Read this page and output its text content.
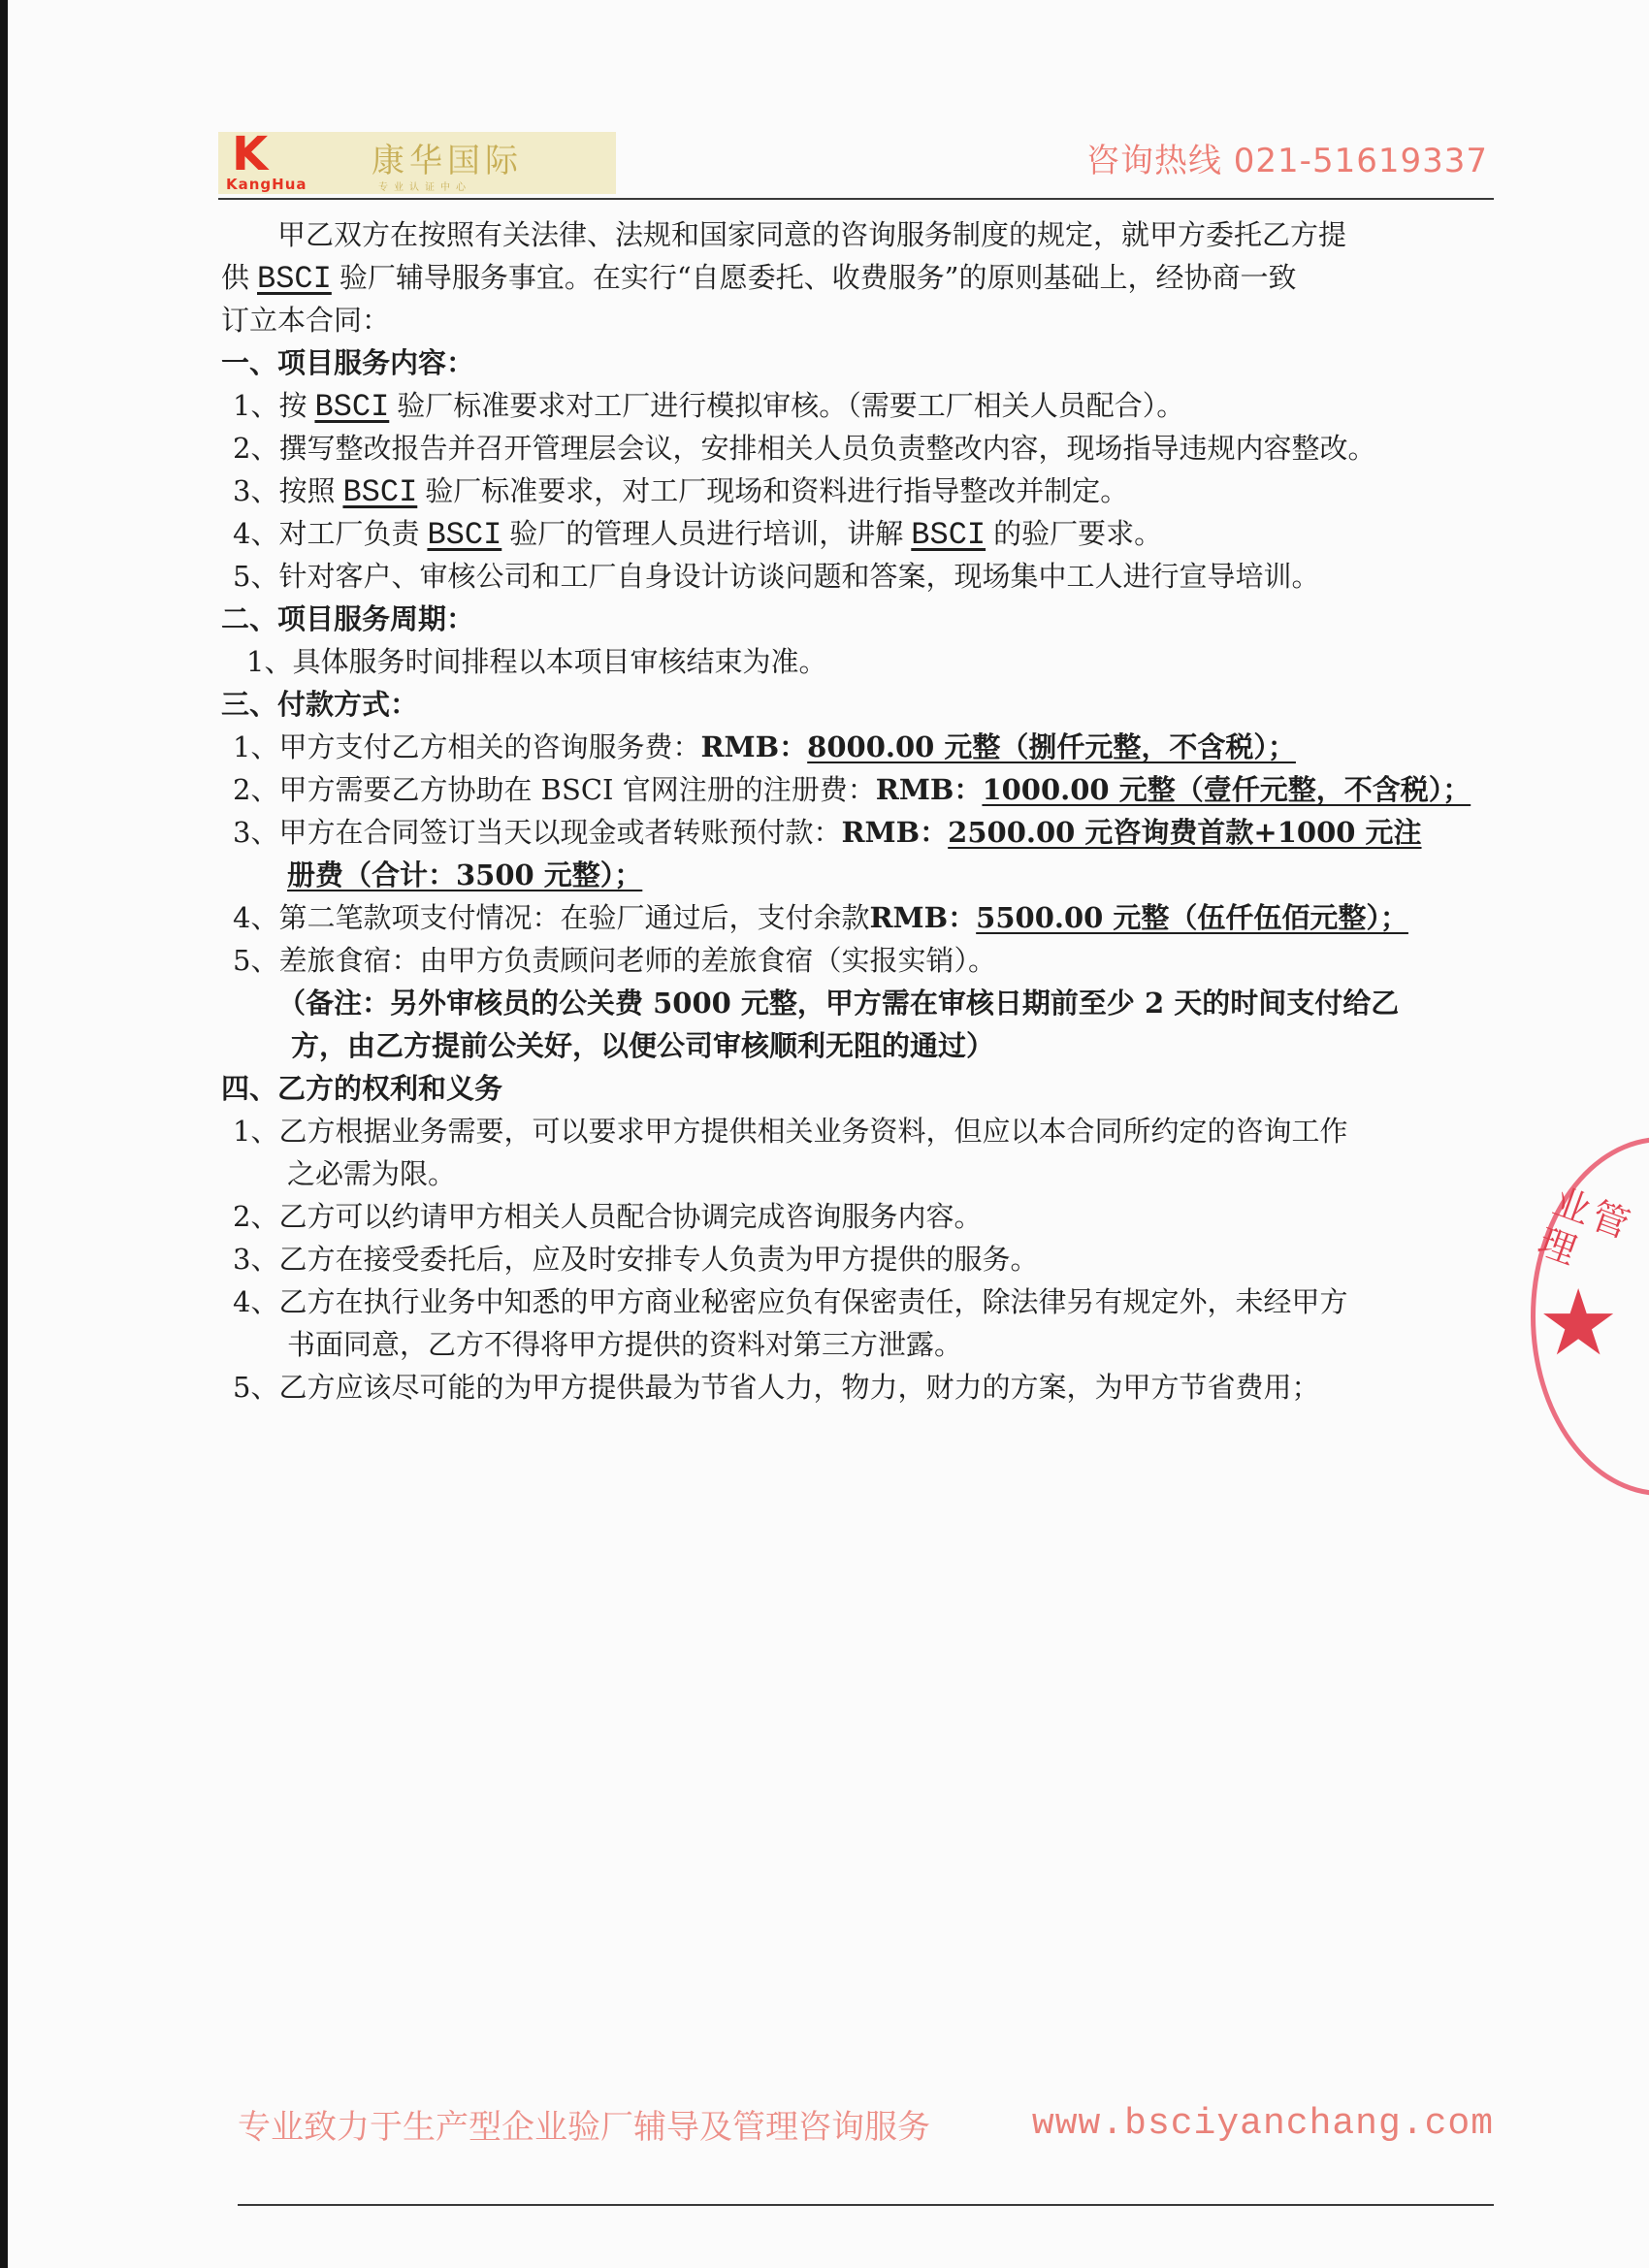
K
KangHua
康华国际
专业认证中心
咨询热线 021-51619337
甲乙双方在按照有关法律、法规和国家同意的咨询服务制度的规定，就甲方委托乙方提
供 BSCI 验厂辅导服务事宜。在实行“自愿委托、收费服务”的原则基础上，经协商一致
订立本合同：
一、项目服务内容：
1、按 BSCI 验厂标准要求对工厂进行模拟审核。（需要工厂相关人员配合）。
2、撰写整改报告并召开管理层会议，安排相关人员负责整改内容，现场指导违规内容整改。
3、按照 BSCI 验厂标准要求，对工厂现场和资料进行指导整改并制定。
4、对工厂负责 BSCI 验厂的管理人员进行培训，讲解 BSCI 的验厂要求。
5、针对客户、审核公司和工厂自身设计访谈问题和答案，现场集中工人进行宣导培训。
二、项目服务周期：
1、具体服务时间排程以本项目审核结束为准。
三、付款方式：
1、甲方支付乙方相关的咨询服务费：RMB：8000.00 元整（捌仟元整，不含税）；
2、甲方需要乙方协助在 BSCI 官网注册的注册费：RMB：1000.00 元整（壹仟元整，不含税）；
3、甲方在合同签订当天以现金或者转账预付款：RMB：2500.00 元咨询费首款+1000 元注
册费（合计：3500 元整）；
4、第二笔款项支付情况：在验厂通过后，支付余款RMB：5500.00 元整（伍仟伍佰元整）；
5、差旅食宿：由甲方负责顾问老师的差旅食宿（实报实销）。
（备注：另外审核员的公关费 5000 元整，甲方需在审核日期前至少 2 天的时间支付给乙
方，由乙方提前公关好，以便公司审核顺利无阻的通过）
四、乙方的权利和义务
1、乙方根据业务需要，可以要求甲方提供相关业务资料，但应以本合同所约定的咨询工作
之必需为限。
2、乙方可以约请甲方相关人员配合协调完成咨询服务内容。
3、乙方在接受委托后，应及时安排专人负责为甲方提供的服务。
4、乙方在执行业务中知悉的甲方商业秘密应负有保密责任，除法律另有规定外，未经甲方
书面同意，乙方不得将甲方提供的资料对第三方泄露。
5、乙方应该尽可能的为甲方提供最为节省人力，物力，财力的方案，为甲方节省费用；
业管理
★
专业致力于生产型企业验厂辅导及管理咨询服务	www.bsciyanchang.com
